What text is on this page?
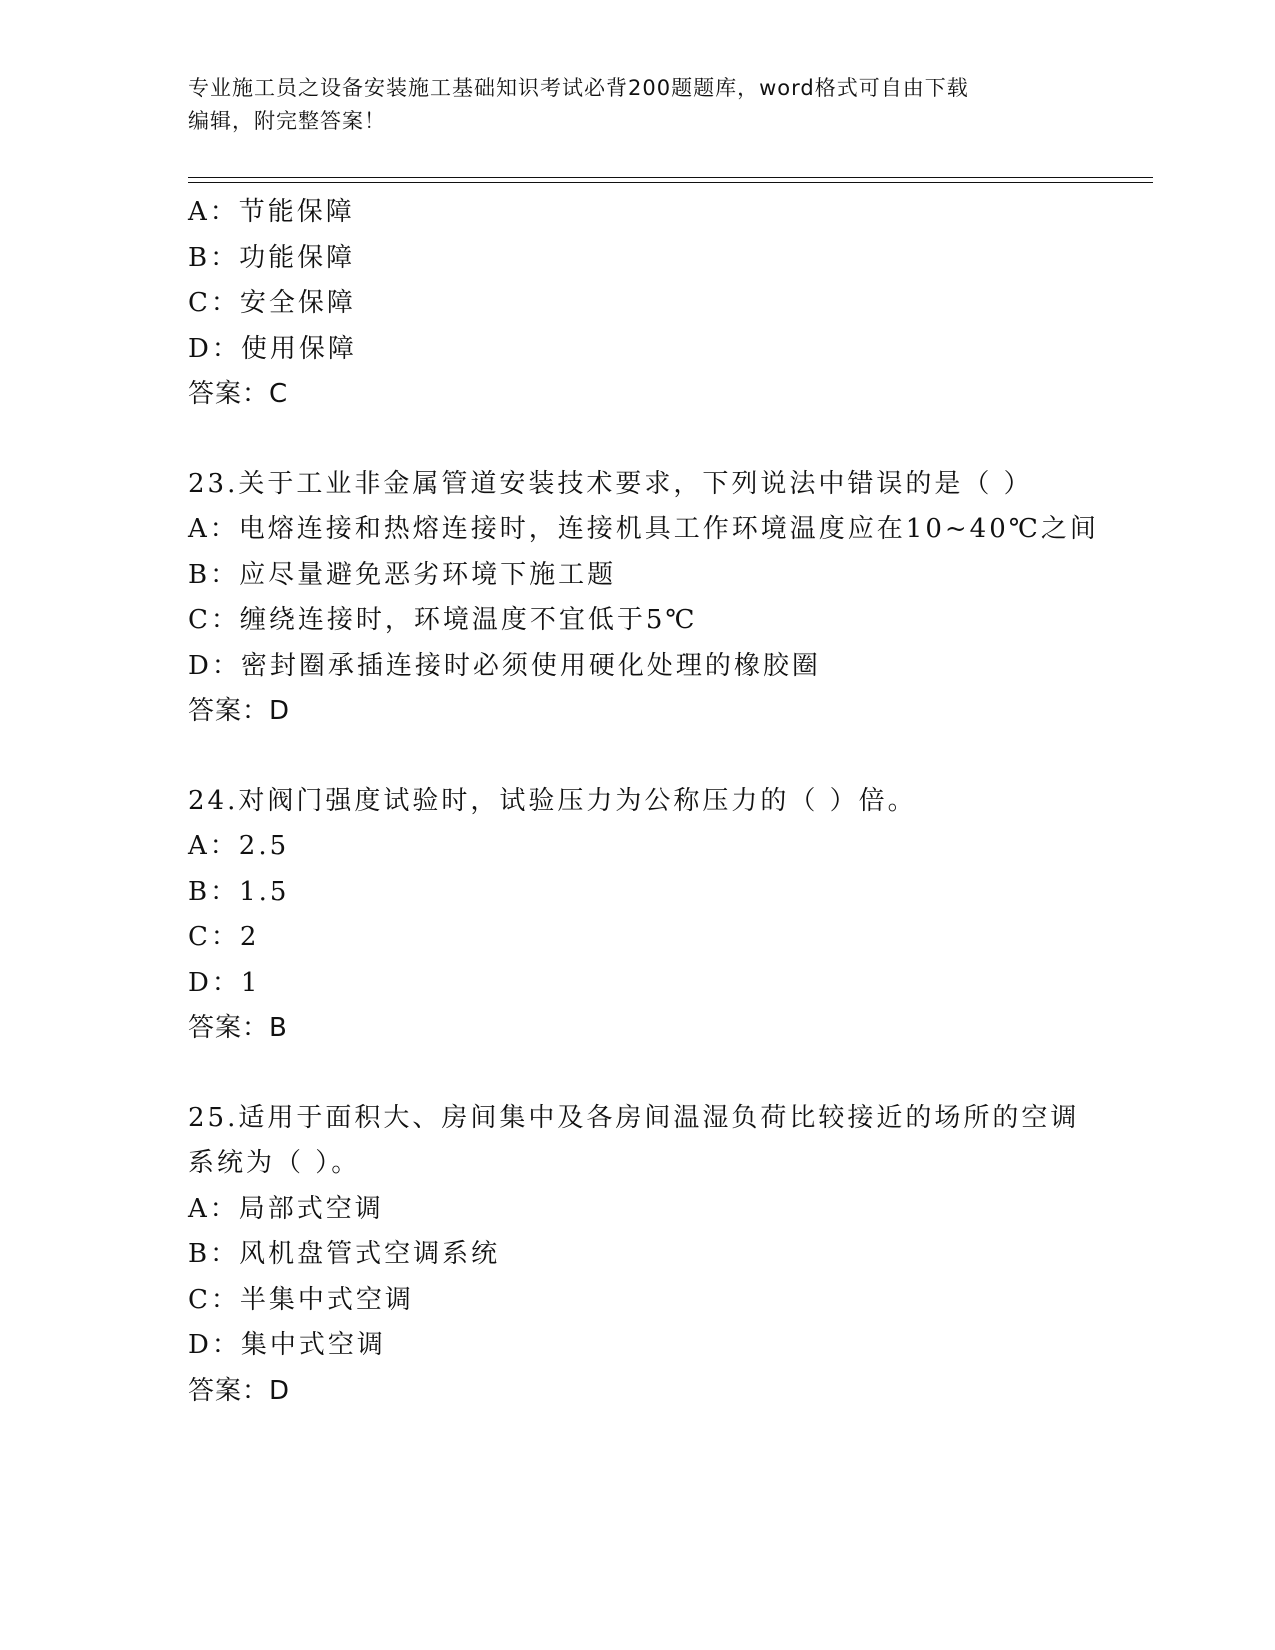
专业施工员之设备安装施工基础知识考试必背200题题库，word格式可自由下载
编辑，附完整答案！
A：节能保障
B：功能保障
C：安全保障
D：使用保障
答案：C
23.关于工业非金属管道安装技术要求，下列说法中错误的是（ ）
A：电熔连接和热熔连接时，连接机具工作环境温度应在10~40℃之间
B：应尽量避免恶劣环境下施工题
C：缠绕连接时，环境温度不宜低于5℃
D：密封圈承插连接时必须使用硬化处理的橡胶圈
答案：D
24.对阀门强度试验时，试验压力为公称压力的（ ）倍。
A：2.5
B：1.5
C：2
D：1
答案：B
25.适用于面积大、房间集中及各房间温湿负荷比较接近的场所的空调
系统为（ ）。
A：局部式空调
B：风机盘管式空调系统
C：半集中式空调
D：集中式空调
答案：D
